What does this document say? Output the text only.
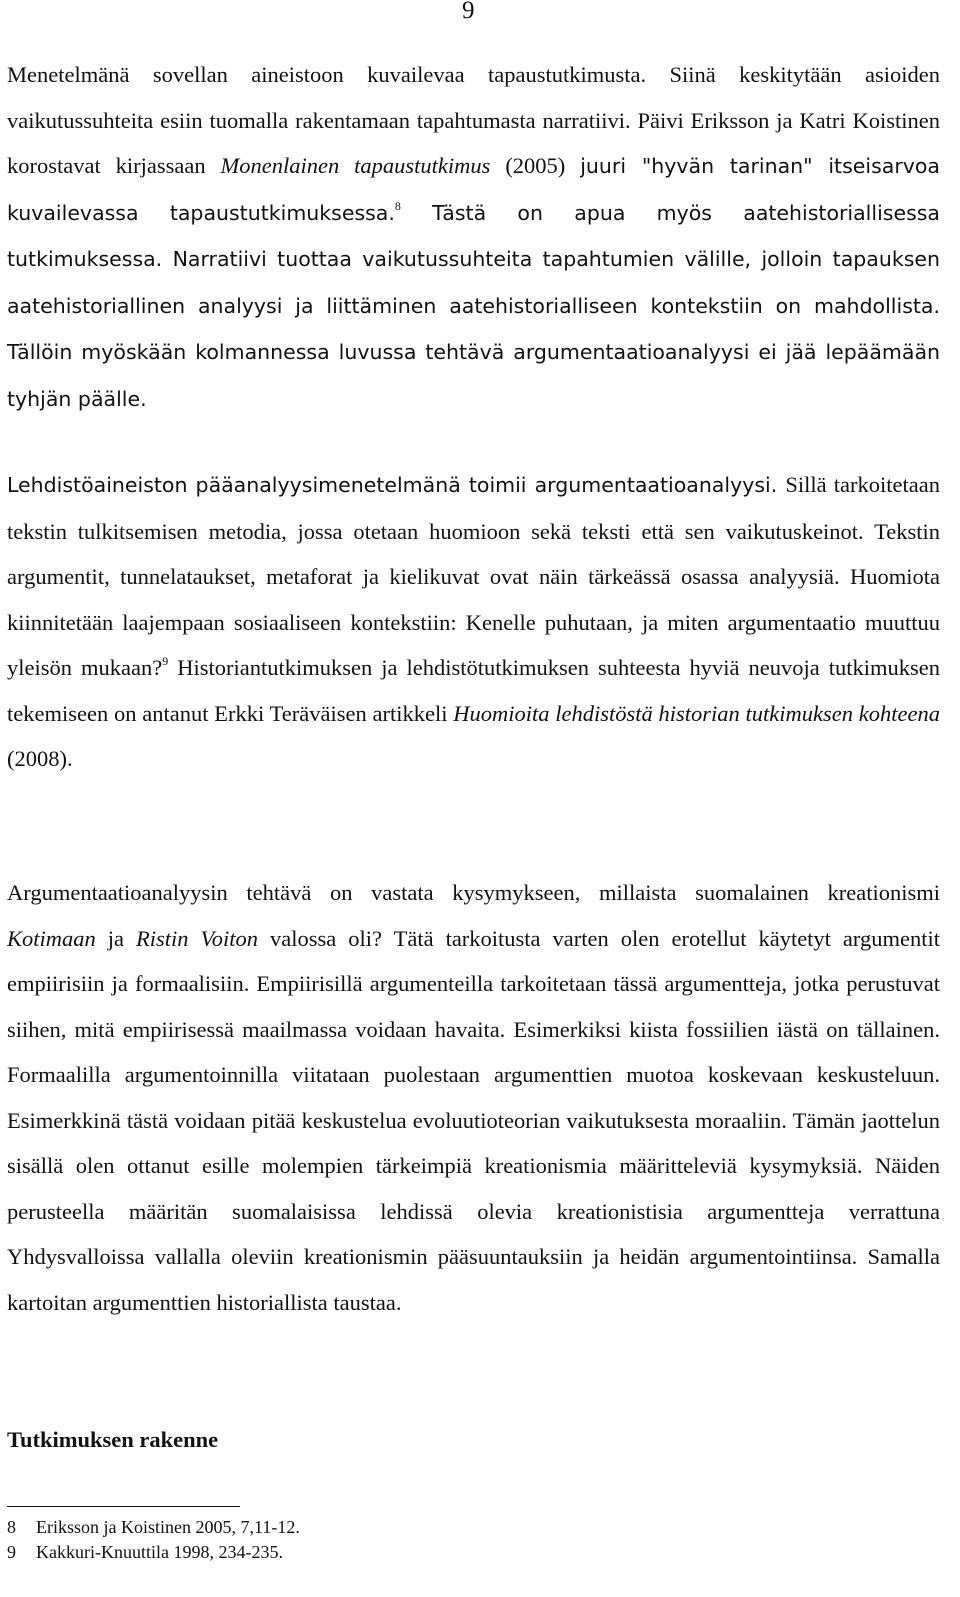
9

Menetelmänä sovellan aineistoon kuvailevaa tapaustutkimusta. Siinä keskitytään asioiden vaikutussuhteita esiin tuomalla rakentamaan tapahtumasta narratiivi. Päivi Eriksson ja Katri Koistinen korostavat kirjassaan Monenlainen tapaustutkimus (2005) juuri "hyvän tarinan" itseisarvoa kuvailevassa tapaustutkimuksessa.$^8$ Tästä on apua myös aatehistoriallisessa tutkimuksessa. Narratiivi tuottaa vaikutussuhteita tapahtumien välille, jolloin tapauksen aatehistoriallinen analyysi ja liittäminen aatehistorialliseen kontekstiin on mahdollista. Tällöin myöskään kolmannessa luvussa tehtävä argumentaatioanalyysi ei jää lepäämään tyhjän päälle.

Lehdistöaineiston pääanalyysimenetelmänä toimii argumentaatioanalyysi. Sillä tarkoitetaan tekstin tulkitsemisen metodia, jossa otetaan huomioon sekä teksti että sen vaikutuskeinot. Tekstin argumentit, tunnelataukset, metaforat ja kielikuvat ovat näin tärkeässä osassa analyysiä. Huomiota kiinnitetään laajempaan sosiaaliseen kontekstiin: Kenelle puhutaan, ja miten argumentaatio muuttuu yleisön mukaan?$^9$ Historiantutkimuksen ja lehdistötutkimuksen suhteesta hyviä neuvoja tutkimuksen tekemiseen on antanut Erkki Teräväisen artikkeli Huomioita lehdistöstä historian tutkimuksen kohteena (2008).

Argumentaatioanalyysin tehtävä on vastata kysymykseen, millaista suomalainen kreationismi Kotimaan ja Ristin Voiton valossa oli? Tätä tarkoitusta varten olen erotellut käytetyt argumentit empiirisiin ja formaalisiin. Empiirisillä argumenteilla tarkoitetaan tässä argumentteja, jotka perustuvat siihen, mitä empiirisessä maailmassa voidaan havaita. Esimerkiksi kiista fossiilien iästä on tällainen. Formaalilla argumentoinnilla viitataan puolestaan argumenttien muotoa koskevaan keskusteluun. Esimerkkinä tästä voidaan pitää keskustelua evoluutioteorian vaikutuksesta moraaliin. Tämän jaottelun sisällä olen ottanut esille molempien tärkeimpiä kreationismia määritteleviä kysymyksiä. Näiden perusteella määritän suomalaisissa lehdissä olevia kreationistisia argumentteja verrattuna Yhdysvalloissa vallalla oleviin kreationismin pääsuuntauksiin ja heidän argumentointiinsa. Samalla kartoitan argumenttien historiallista taustaa.

Tutkimuksen rakenne
8 Eriksson ja Koistinen 2005, 7,11-12.
9 Kakkuri-Knuuttila 1998, 234-235.
